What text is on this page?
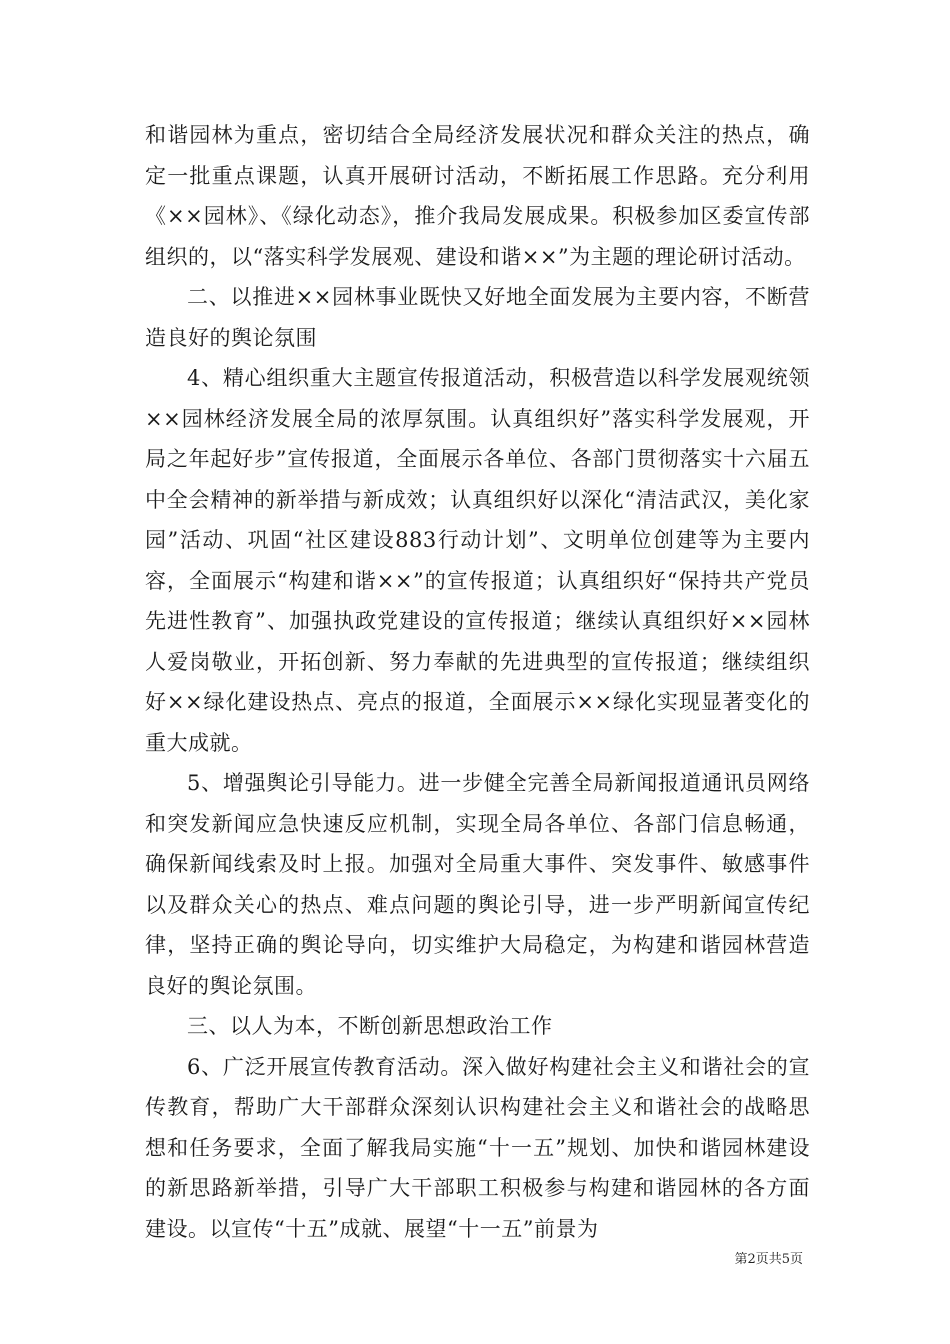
和谐园林为重点，密切结合全局经济发展状况和群众关注的热点，确定一批重点课题，认真开展研讨活动，不断拓展工作思路。充分利用《××园林》、《绿化动态》，推介我局发展成果。积极参加区委宣传部组织的，以“落实科学发展观、建设和谐××”为主题的理论研讨活动。

二、以推进××园林事业既快又好地全面发展为主要内容，不断营造良好的舆论氛围

4、精心组织重大主题宣传报道活动，积极营造以科学发展观统领××园林经济发展全局的浓厚氛围。认真组织好”落实科学发展观，开局之年起好步”宣传报道，全面展示各单位、各部门贯彻落实十六届五中全会精神的新举措与新成效；认真组织好以深化“清洁武汉，美化家园”活动、巩固“社区建设883行动计划”、文明单位创建等为主要内容，全面展示“构建和谐××”的宣传报道；认真组织好“保持共产党员先进性教育”、加强执政党建设的宣传报道；继续认真组织好××园林人爱岗敬业，开拓创新、努力奉献的先进典型的宣传报道；继续组织好××绿化建设热点、亮点的报道，全面展示××绿化实现显著变化的重大成就。

5、增强舆论引导能力。进一步健全完善全局新闻报道通讯员网络和突发新闻应急快速反应机制，实现全局各单位、各部门信息畅通，确保新闻线索及时上报。加强对全局重大事件、突发事件、敏感事件以及群众关心的热点、难点问题的舆论引导，进一步严明新闻宣传纪律，坚持正确的舆论导向，切实维护大局稳定，为构建和谐园林营造良好的舆论氛围。

三、以人为本，不断创新思想政治工作

6、广泛开展宣传教育活动。深入做好构建社会主义和谐社会的宣传教育，帮助广大干部群众深刻认识构建社会主义和谐社会的战略思想和任务要求，全面了解我局实施“十一五”规划、加快和谐园林建设的新思路新举措，引导广大干部职工积极参与构建和谐园林的各方面建设。以宣传“十五”成就、展望“十一五”前景为

第2页共5页
